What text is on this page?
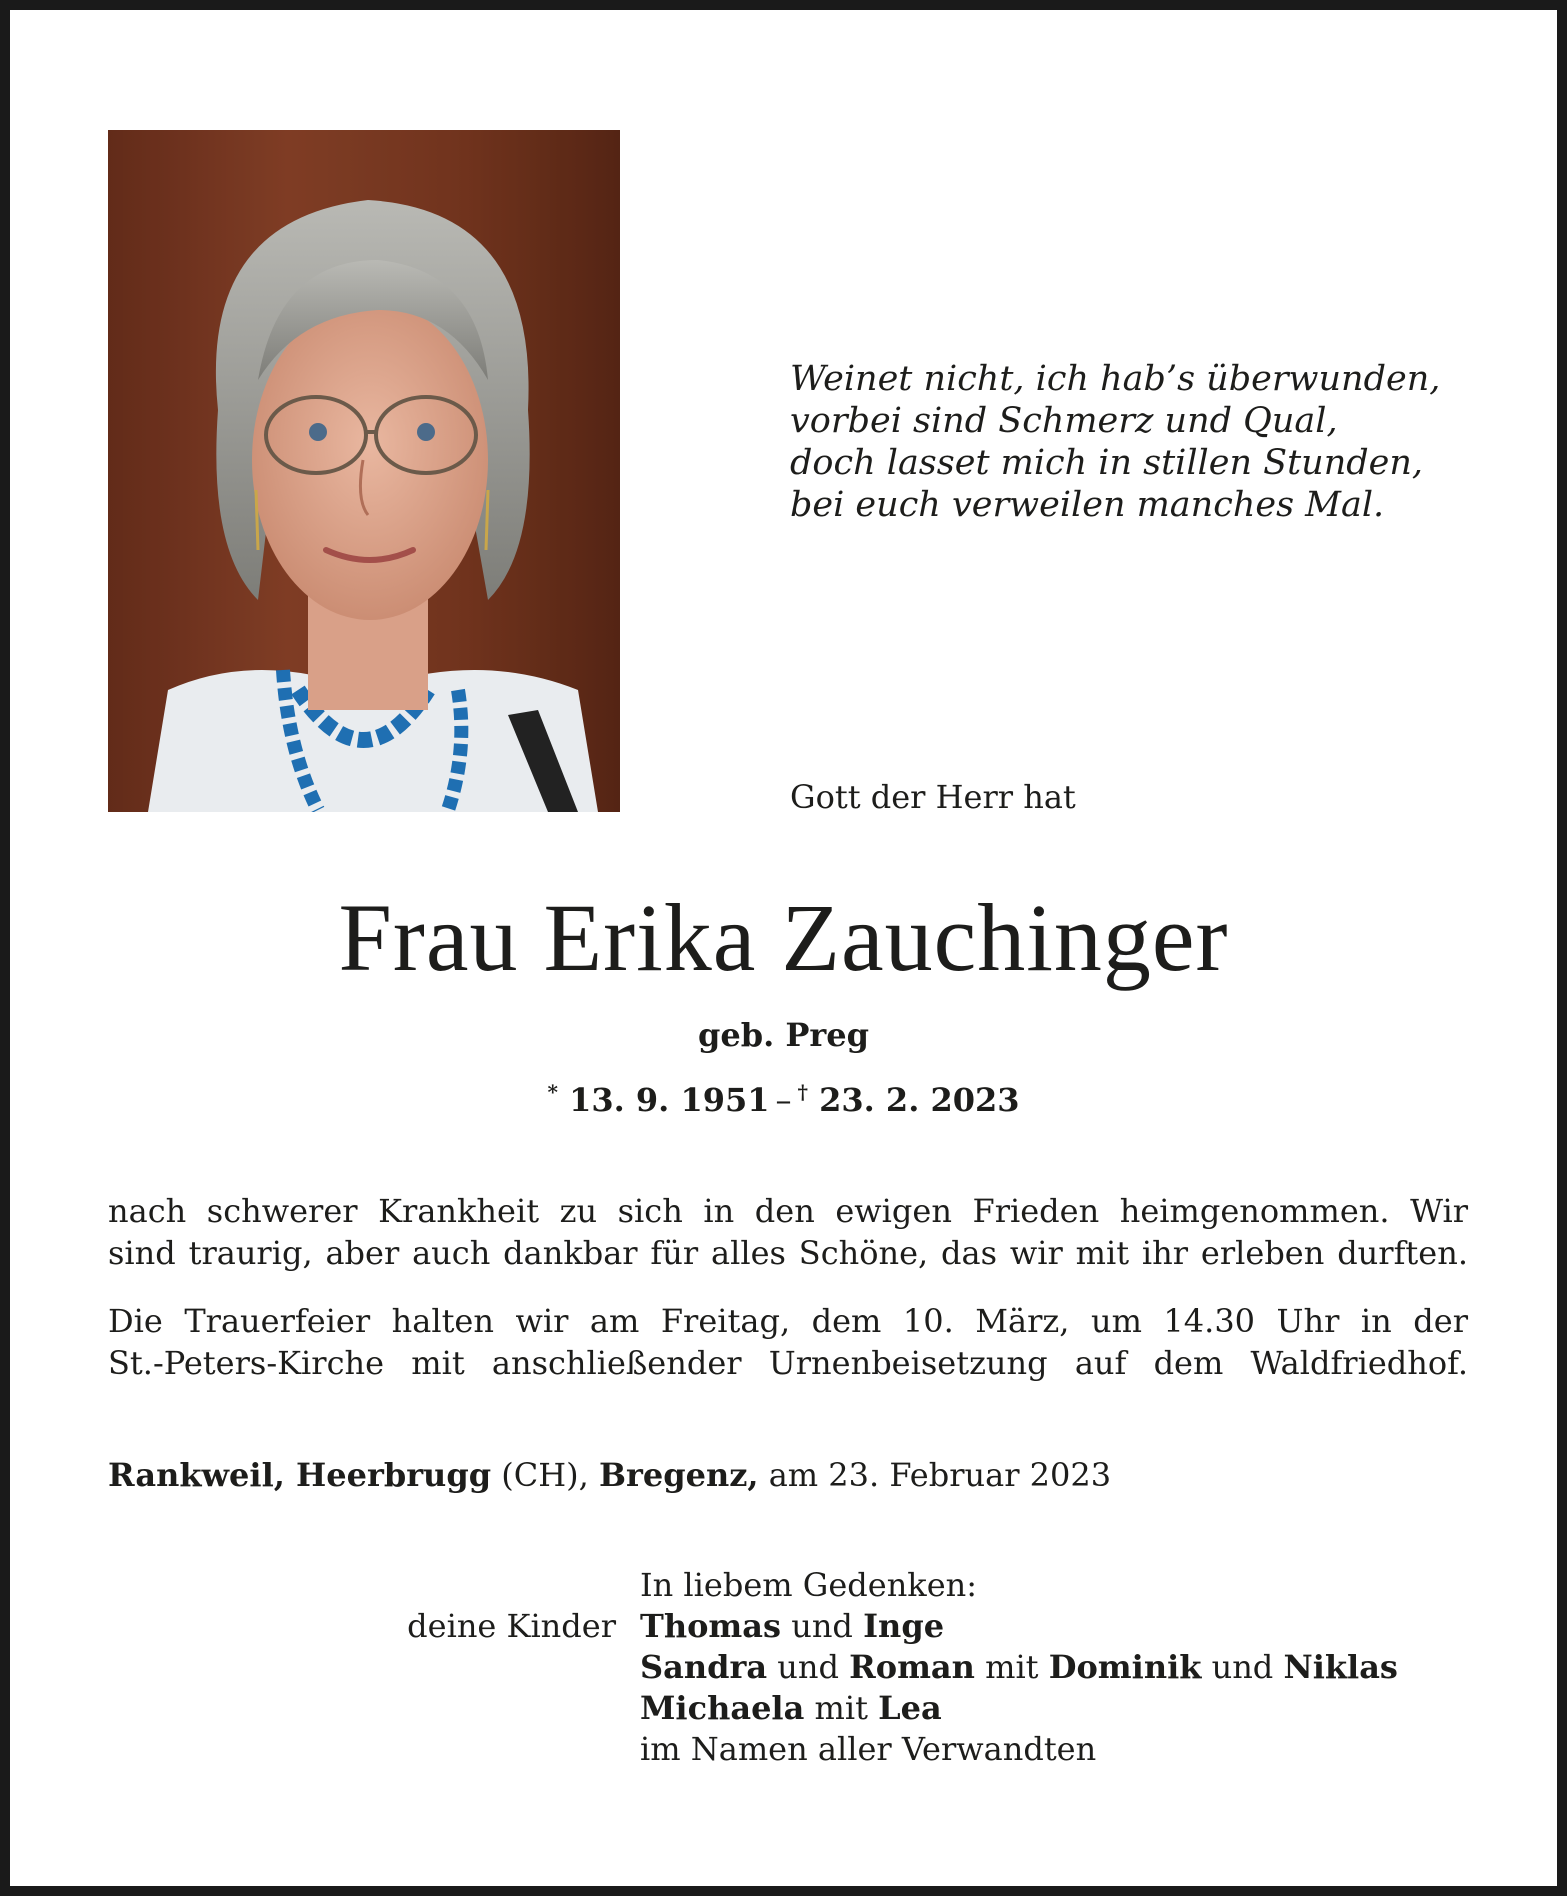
Weinet nicht, ich hab’s überwunden,
vorbei sind Schmerz und Qual,
doch lasset mich in stillen Stunden,
bei euch verweilen manches Mal.
Gott der Herr hat
Frau Erika Zauchinger
geb. Preg
* 13. 9. 1951 – † 23. 2. 2023
nach schwerer Krankheit zu sich in den ewigen Frieden heimgenommen. Wir
sind traurig, aber auch dankbar für alles Schöne, das wir mit ihr erleben durften.
Die Trauerfeier halten wir am Freitag, dem 10. März, um 14.30 Uhr in der
St.-Peters-Kirche mit anschließender Urnenbeisetzung auf dem Waldfriedhof.
Rankweil, Heerbrugg (CH), Bregenz, am 23. Februar 2023
In liebem Gedenken:
deine Kinder Thomas und Inge
Sandra und Roman mit Dominik und Niklas
Michaela mit Lea
im Namen aller Verwandten
